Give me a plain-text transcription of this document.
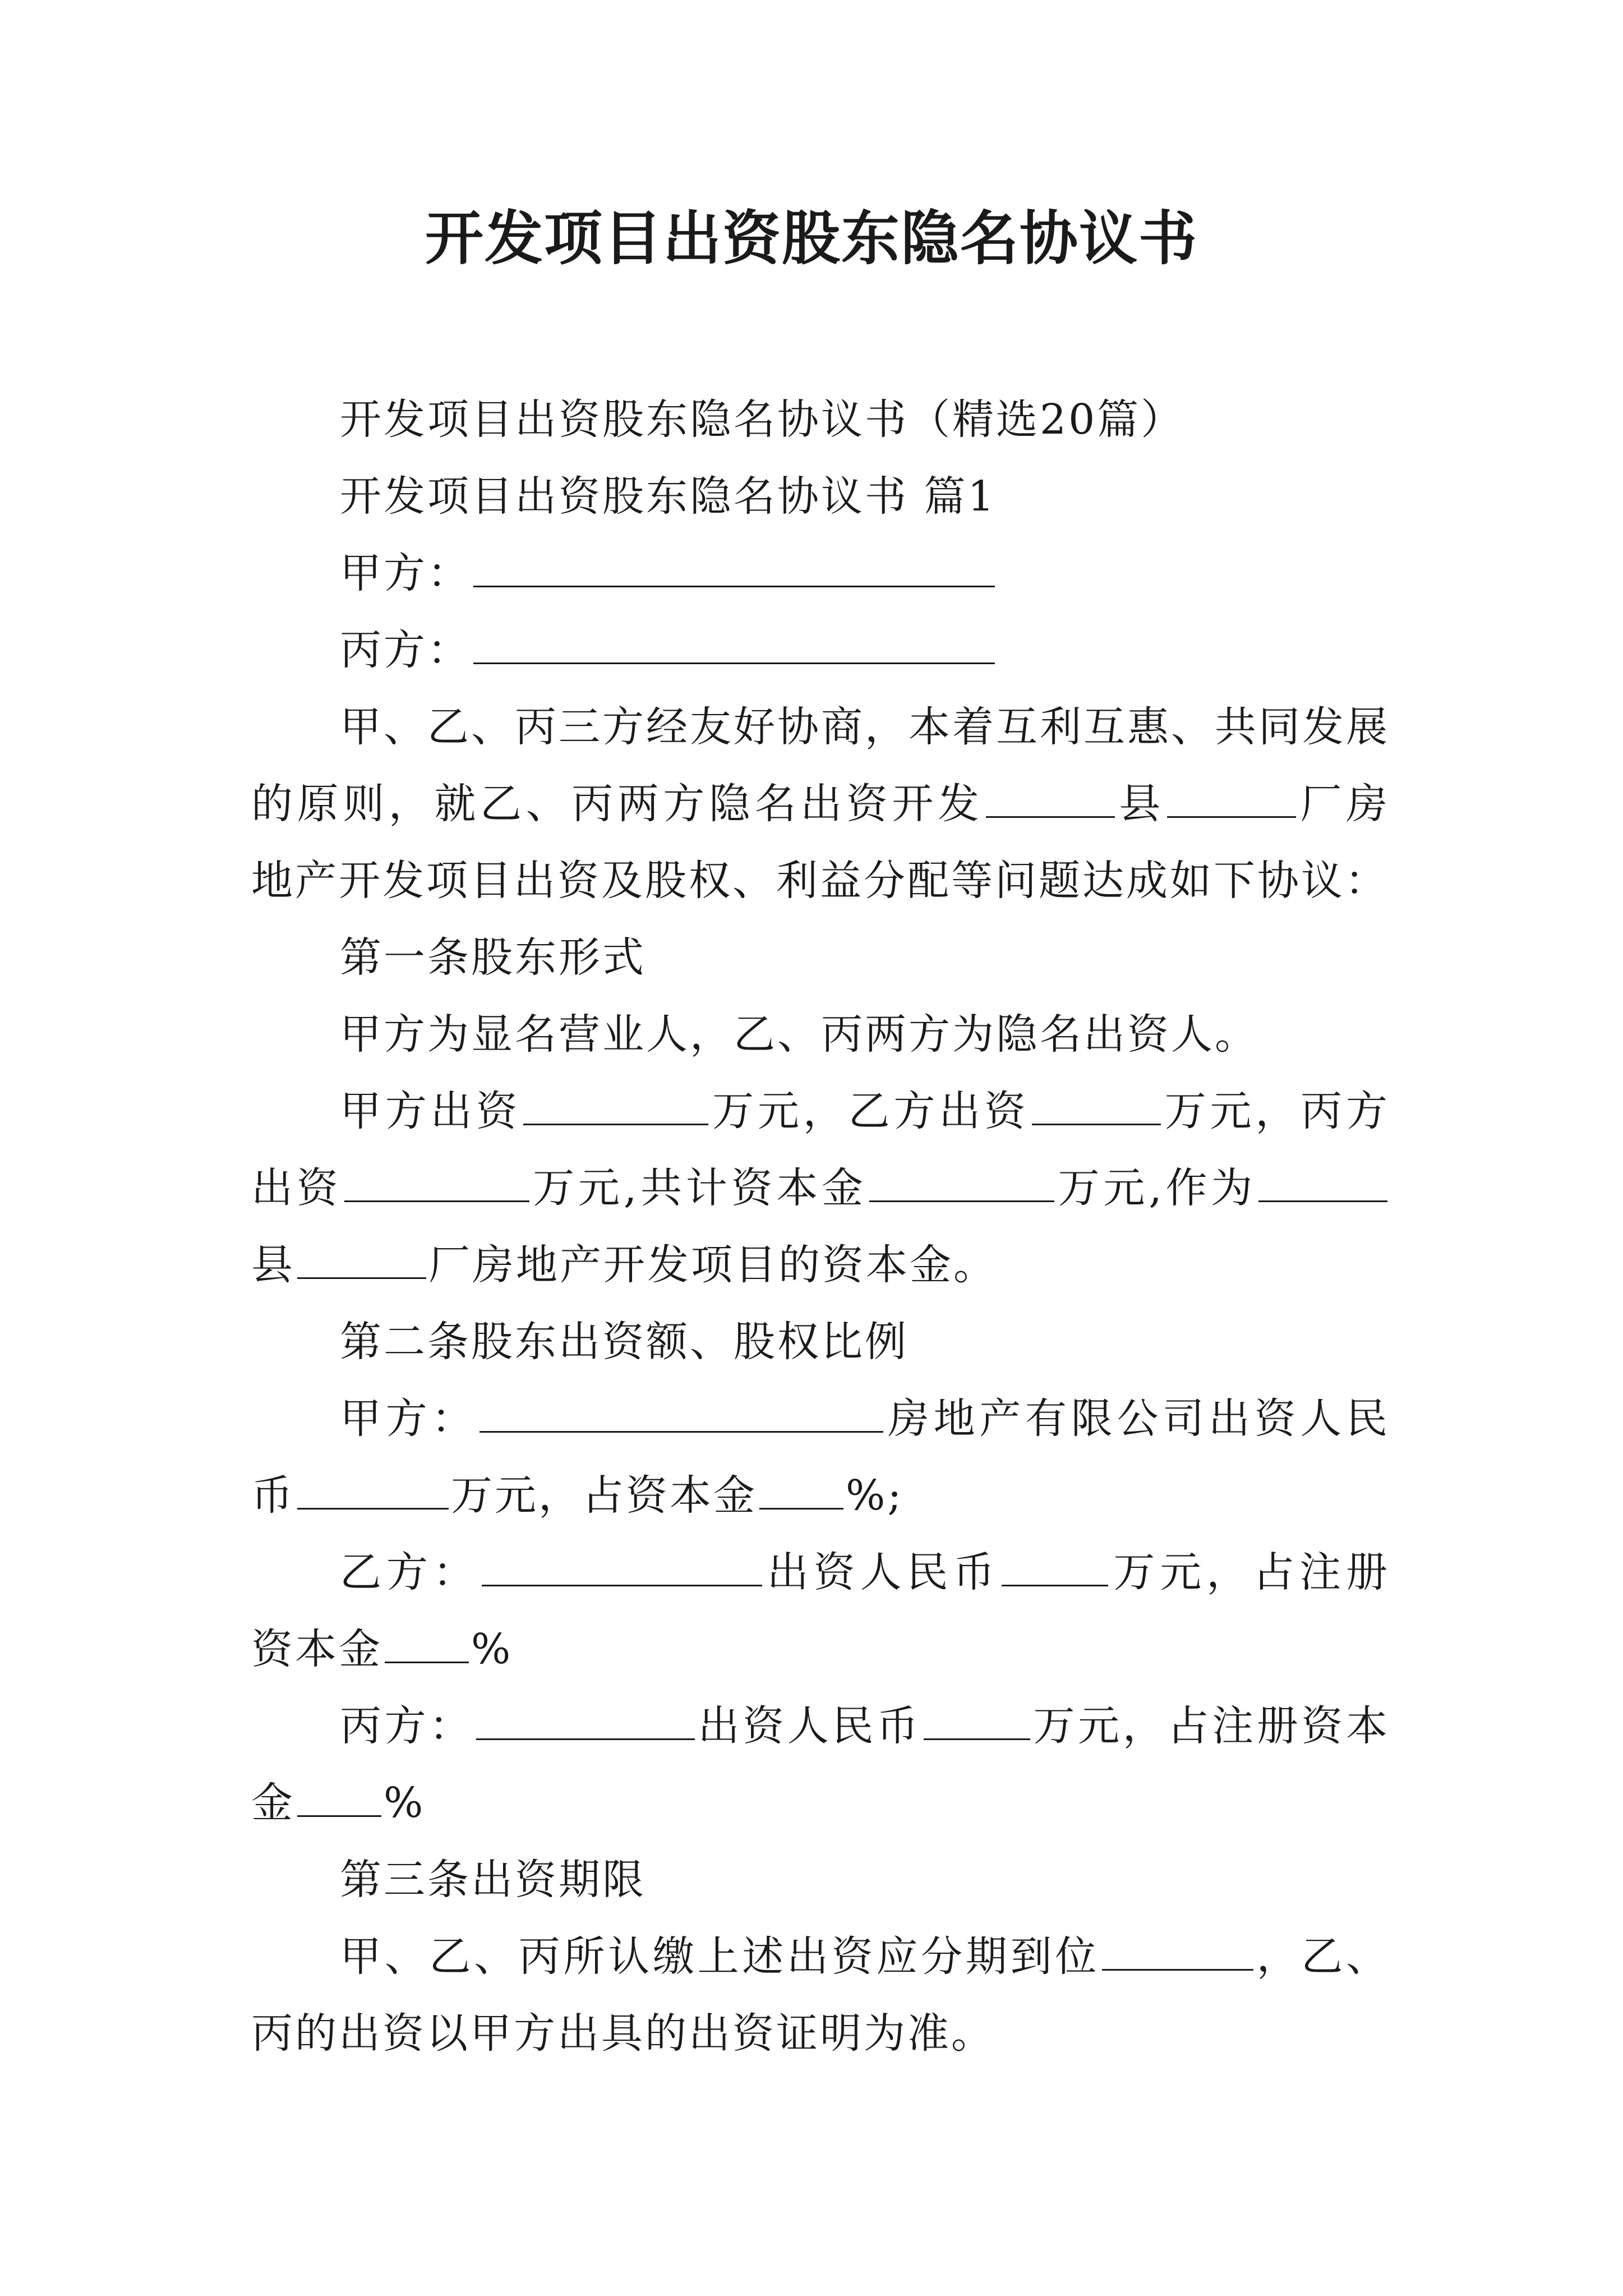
开发项目出资股东隐名协议书

开发项目出资股东隐名协议书（精选20篇）

开发项目出资股东隐名协议书 篇1

甲方：

丙方：

甲、乙、丙三方经友好协商，本着互利互惠、共同发展的原则，就乙、丙两方隐名出资开发	县	厂房地产开发项目出资及股权、利益分配等问题达成如下协议：

第一条股东形式

甲方为显名营业人，乙、丙两方为隐名出资人。

甲方出资	万元，乙方出资	万元，丙方出资	万元,共计资本金	万元,作为县	厂房地产开发项目的资本金。

第二条股东出资额、股权比例

甲方：	房地产有限公司出资人民币	万元，占资本金 %;

乙方：	出资人民币	万元，占注册资本金 %

丙方：	出资人民币	万元，占注册资本金 %

第三条出资期限

甲、乙、丙所认缴上述出资应分期到位	，乙、丙的出资以甲方出具的出资证明为准。
